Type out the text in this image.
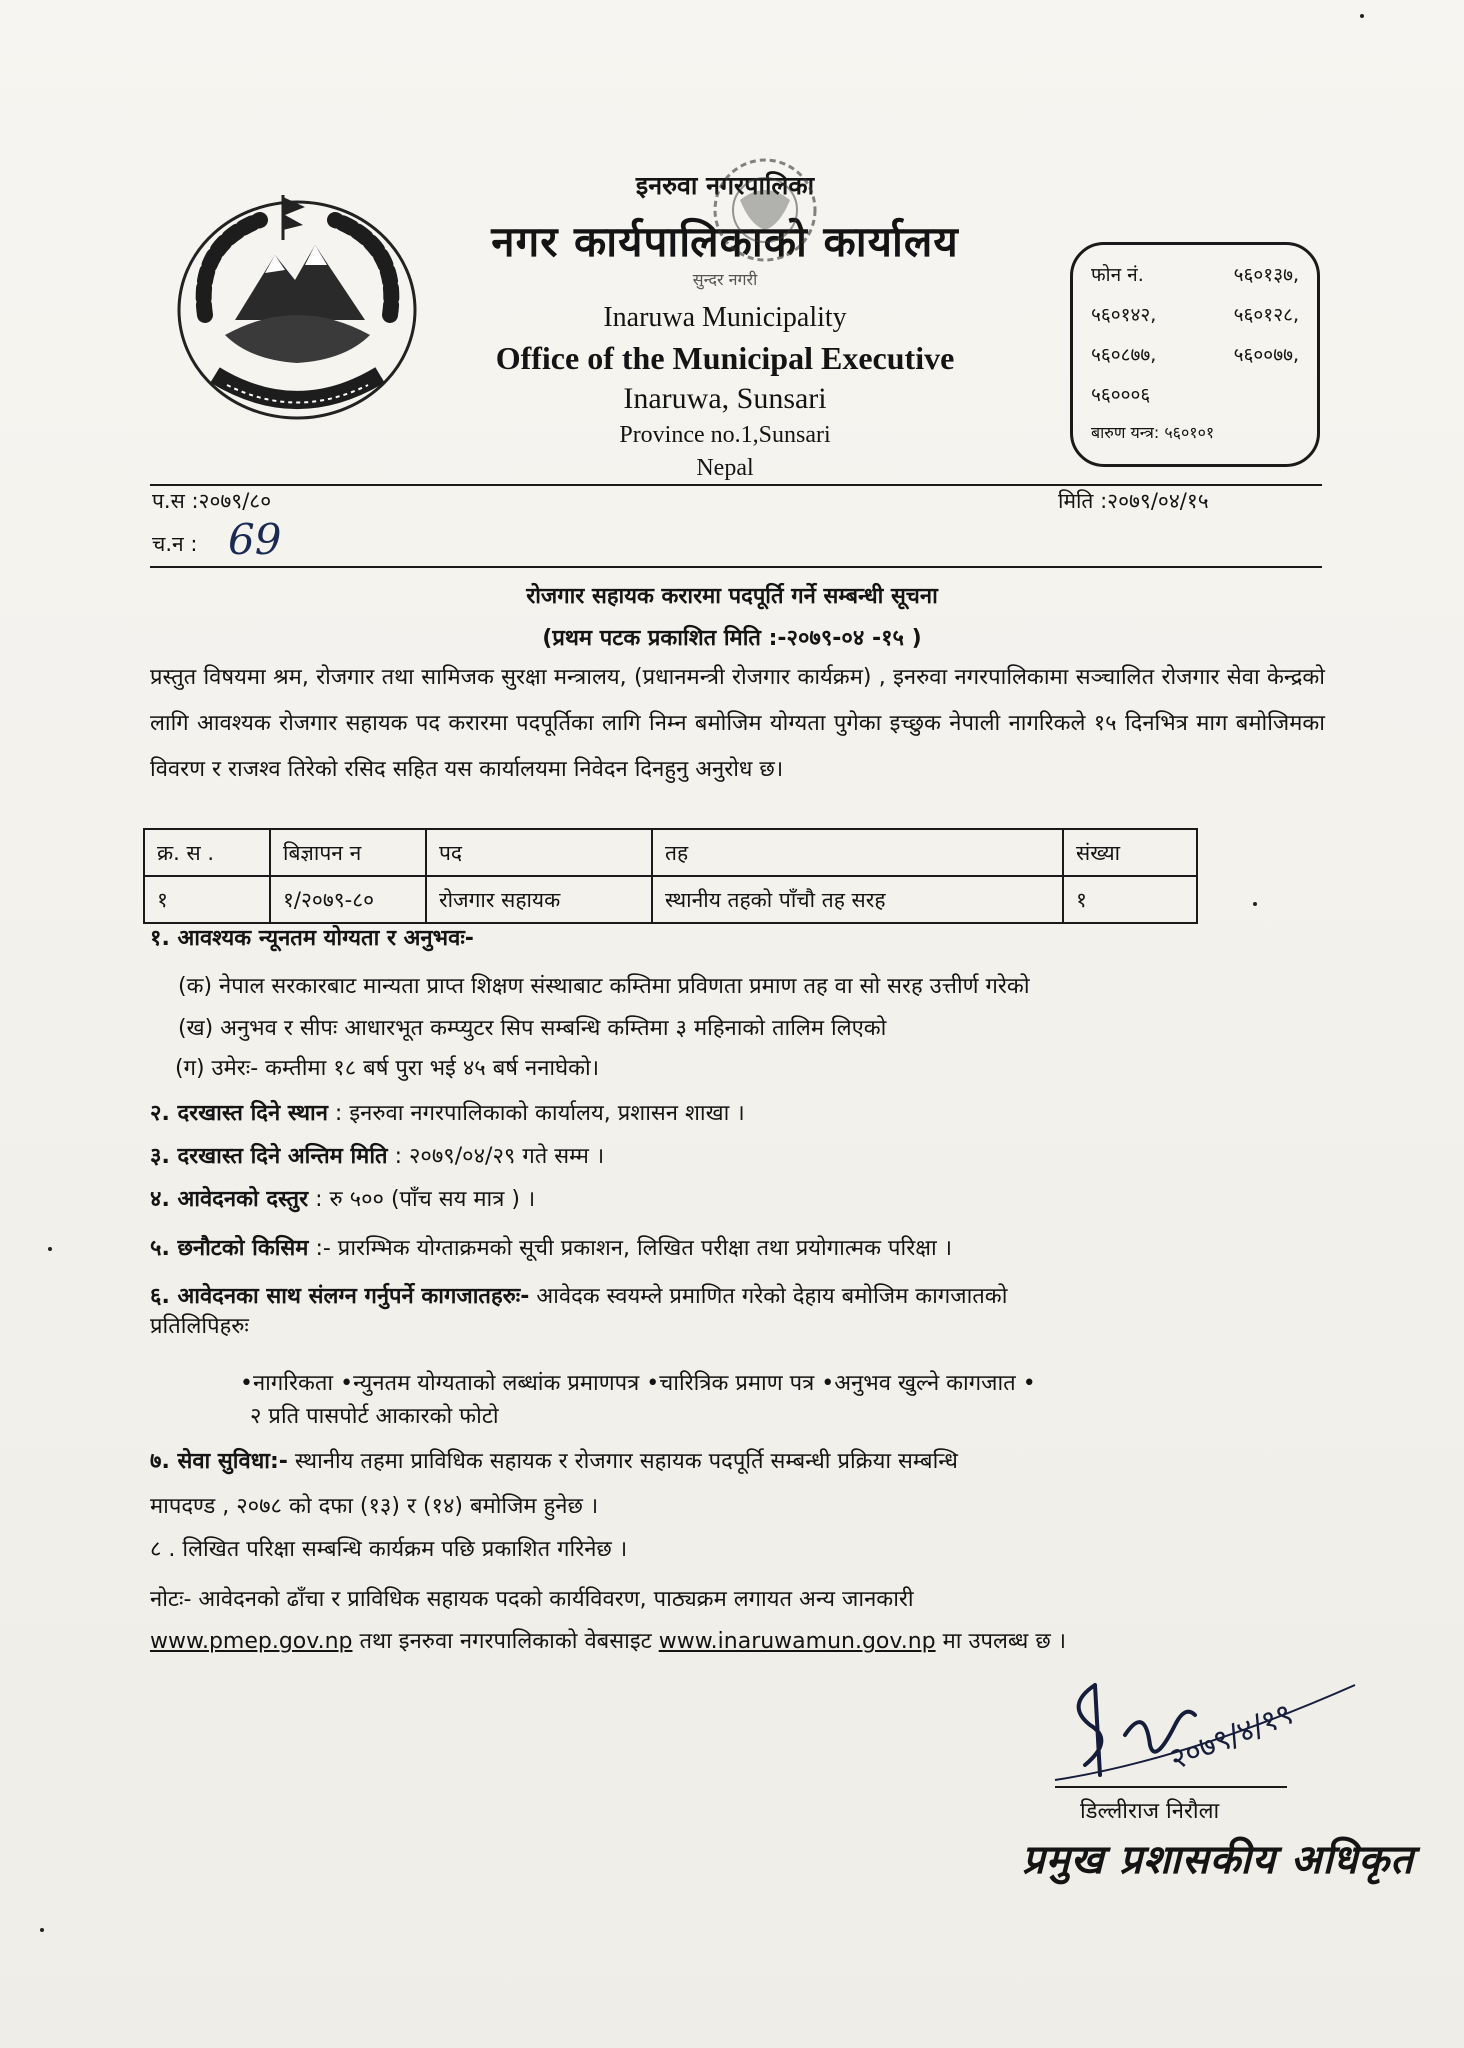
इनरुवा नगरपालिका
नगर कार्यपालिकाको कार्यालय
सुन्दर नगरी
Inaruwa Municipality
Office of the Municipal Executive
Inaruwa, Sunsari
Province no.1,Sunsari
Nepal
फोन नं.	५६०१३७,
५६०१४२,	५६०१२८,
५६०८७७,	५६००७७,
५६०००६
बारुण यन्त्र: ५६०१०१
प.स :२०७९/८०
च.न : 69
मिति :२०७९/०४/१५
रोजगार सहायक करारमा पदपूर्ति गर्ने सम्बन्धी सूचना
(प्रथम पटक प्रकाशित मिति :-२०७९-०४ -१५ )
प्रस्तुत विषयमा श्रम, रोजगार तथा सामिजक सुरक्षा मन्त्रालय, (प्रधानमन्त्री रोजगार कार्यक्रम) , इनरुवा नगरपालिकामा सञ्चालित रोजगार सेवा केन्द्रको लागि आवश्यक रोजगार सहायक पद करारमा पदपूर्तिका लागि निम्न बमोजिम योग्यता पुगेका इच्छुक नेपाली नागरिकले १५ दिनभित्र माग बमोजिमका विवरण र राजश्व तिरेको रसिद सहित यस कार्यालयमा निवेदन दिनहुनु अनुरोध छ।
क्र. स .	बिज्ञापन न	पद	तह	संख्या
१	१/२०७९-८०	रोजगार सहायक	स्थानीय तहको पाँचौ तह सरह	१
१. आवश्यक न्यूनतम योग्यता र अनुभवः-
(क) नेपाल सरकारबाट मान्यता प्राप्त शिक्षण संस्थाबाट कम्तिमा प्रविणता प्रमाण तह वा सो सरह उत्तीर्ण गरेको
(ख) अनुभव र सीपः आधारभूत कम्प्युटर सिप सम्बन्धि कम्तिमा ३ महिनाको तालिम लिएको
(ग) उमेरः- कम्तीमा १८ बर्ष पुरा भई ४५ बर्ष ननाघेको।
२. दरखास्त दिने स्थान : इनरुवा नगरपालिकाको कार्यालय, प्रशासन शाखा ।
३. दरखास्त दिने अन्तिम मिति : २०७९/०४/२९ गते सम्म ।
४. आवेदनको दस्तुर : रु ५०० (पाँच सय मात्र ) ।
५. छनौटको किसिम :- प्रारम्भिक योग्ताक्रमको सूची प्रकाशन, लिखित परीक्षा तथा प्रयोगात्मक परिक्षा ।
६. आवेदनका साथ संलग्न गर्नुपर्ने कागजातहरुः- आवेदक स्वयम्ले प्रमाणित गरेको देहाय बमोजिम कागजातको
प्रतिलिपिहरुः
•नागरिकता •न्युनतम योग्यताको लब्धांक प्रमाणपत्र •चारित्रिक प्रमाण पत्र •अनुभव खुल्ने कागजात •
२ प्रति पासपोर्ट आकारको फोटो
७. सेवा सुविधा:- स्थानीय तहमा प्राविधिक सहायक र रोजगार सहायक पदपूर्ति सम्बन्धी प्रक्रिया सम्बन्धि
मापदण्ड , २०७८ को दफा (१३) र (१४) बमोजिम हुनेछ ।
८ . लिखित परिक्षा सम्बन्धि कार्यक्रम पछि प्रकाशित गरिनेछ ।
नोटः- आवेदनको ढाँचा र प्राविधिक सहायक पदको कार्यविवरण, पाठ्यक्रम लगायत अन्य जानकारी
www.pmep.gov.np तथा इनरुवा नगरपालिकाको वेबसाइट www.inaruwamun.gov.np मा उपलब्ध छ ।
२०७९/४/१९
डिल्लीराज निरौला
प्रमुख प्रशासकीय अधिकृत
